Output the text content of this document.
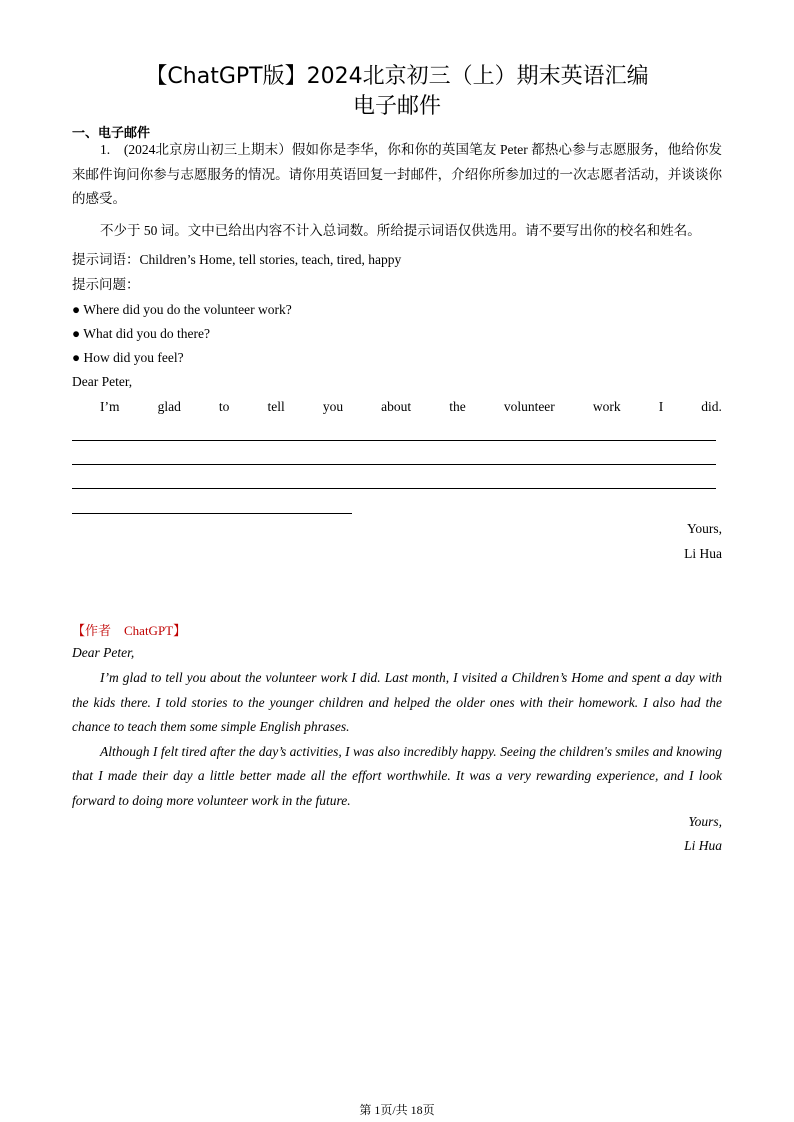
【ChatGPT版】2024北京初三（上）期末英语汇编
电子邮件
一、电子邮件
1.　(2024北京房山初三上期末）假如你是李华，你和你的英国笔友 Peter 都热心参与志愿服务，他给你发来邮件询问你参与志愿服务的情况。请你用英语回复一封邮件，介绍你所参加过的一次志愿者活动，并谈谈你的感受。
不少于 50 词。文中已给出内容不计入总词数。所给提示词语仅供选用。请不要写出你的校名和姓名。
提示词语：Children’s Home, tell stories, teach, tired, happy
提示问题：
● Where did you do the volunteer work?
● What did you do there?
● How did you feel?
Dear Peter,
I’m	glad	to	tell	you	about	the	volunteer	work	I	did.
Yours,
Li Hua
【作者　ChatGPT】
Dear Peter,

I’m glad to tell you about the volunteer work I did. Last month, I visited a Children’s Home and spent a day with the kids there. I told stories to the younger children and helped the older ones with their homework. I also had the chance to teach them some simple English phrases.

Although I felt tired after the day’s activities, I was also incredibly happy. Seeing the children's smiles and knowing that I made their day a little better made all the effort worthwhile. It was a very rewarding experience, and I look forward to doing more volunteer work in the future.

Yours,
Li Hua
第 1页/共 18页
